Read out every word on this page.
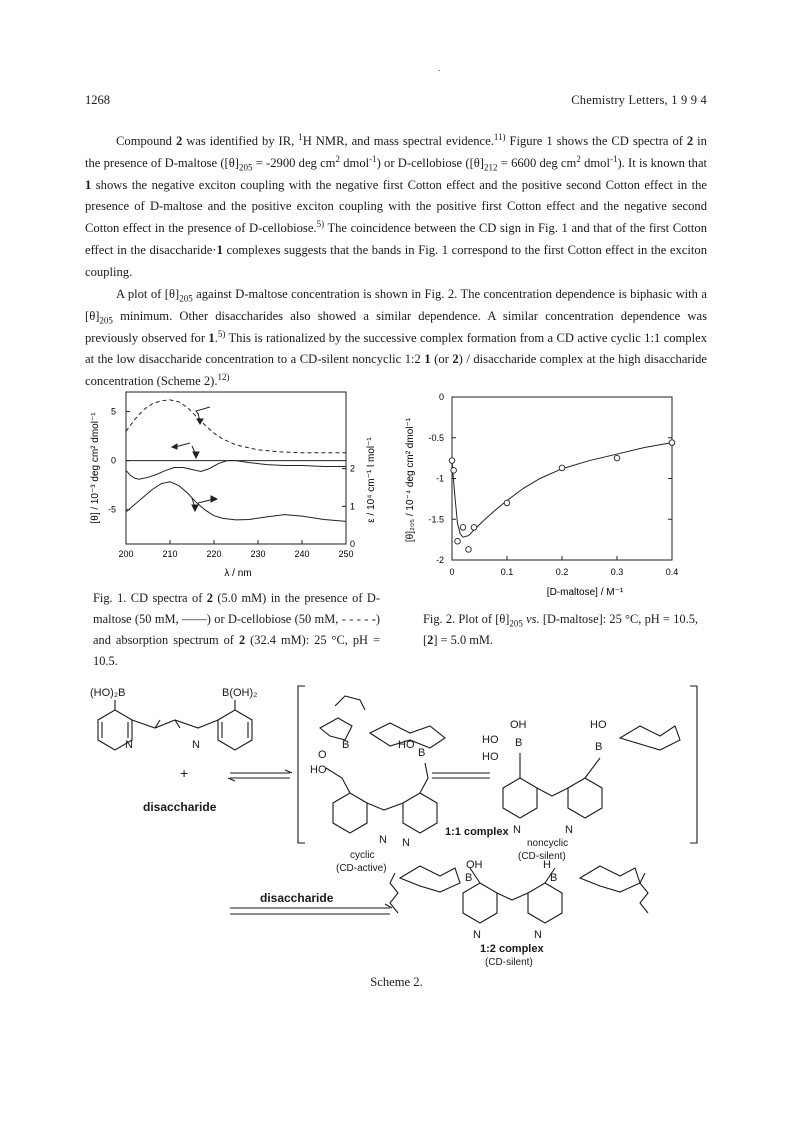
1268	Chemistry Letters, 1 9 9 4

Compound 2 was identified by IR, $^1$H NMR, and mass spectral evidence.$^{11)}$ Figure 1 shows the CD spectra of 2 in the presence of D-maltose ($[\theta]_{205} = -2900$ deg $cm^2$ dmol$^{-1}$) or D-cellobiose ($[\theta]_{212} = 6600$ deg $cm^2$ dmol$^{-1}$). It is known that 1 shows the negative exciton coupling with the negative first Cotton effect and the positive second Cotton effect in the presence of D-maltose and the positive exciton coupling with the positive first Cotton effect and the negative second Cotton effect in the presence of D-cellobiose.$^{5)}$ The coincidence between the CD sign in Fig. 1 and that of the first Cotton effect in the disaccharide·1 complexes suggests that the bands in Fig. 1 correspond to the first Cotton effect in the exciton coupling.

A plot of $[\theta]_{205}$ against D-maltose concentration is shown in Fig. 2. The concentration dependence is biphasic with a $[\theta]_{205}$ minimum. Other disaccharides also showed a similar dependence. A similar concentration dependence was previously observed for 1.$^{5)}$ This is rationalized by the successive complex formation from a CD active cyclic 1:1 complex at the low disaccharide concentration to a CD-silent noncyclic 1:2 1 (or 2) / disaccharide complex at the high disaccharide concentration (Scheme 2).$^{12)}$

200	210	220	230	240	250
5
0
-5
0
1
2
λ / nm
[θ] / 10⁻³ deg cm² dmol⁻¹	ε / 10⁴ cm⁻¹ l mol⁻¹
0	0.1	0.2	0.3	0.4
0
-0.5
-1
-1.5
-2
[D-maltose] / M⁻¹
[θ]₂₀₅ / 10⁻⁴ deg cm² dmol⁻¹

Fig. 1. CD spectra of 2 (5.0 mM) in the presence of D-maltose (50 mM, ——) or D-cellobiose (50 mM, - - - - -) and absorption spectrum of 2 (32.4 mM): 25 °C, pH = 10.5.

Fig. 2. Plot of $[\theta]_{205}$ vs. [D-maltose]: 25 °C, pH = 10.5, [2] = 5.0 mM.

(HO)₂B	B(OH)₂
N	N
+
disaccharide
O
B
HO
B
HO
N N
cyclic
(CD-active)
OH
HO B
HO
HO
B
N	N
noncyclic
(CD-silent)
1:1 complex
OH
B
H
B
N	N
1:2 complex
(CD-silent)
disaccharide
Scheme 2.
